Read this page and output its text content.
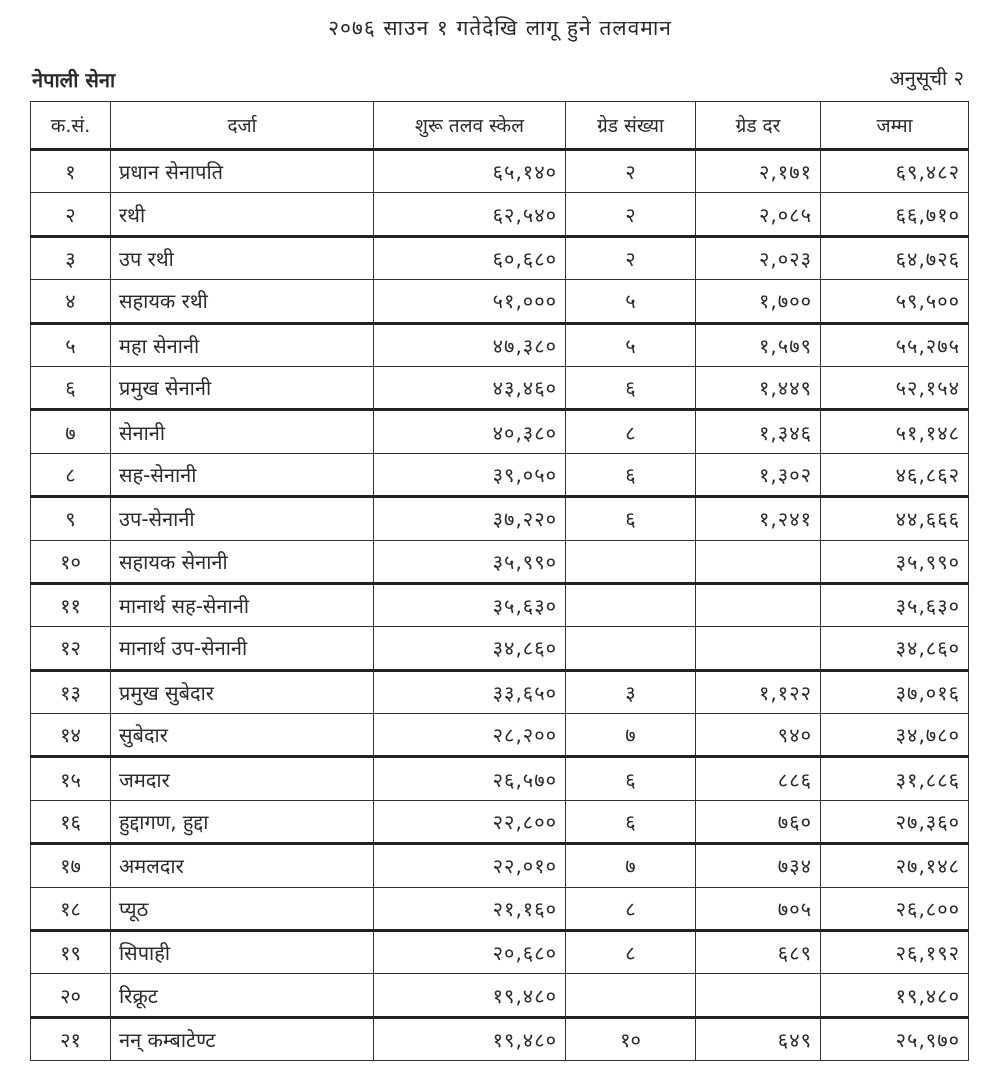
२०७६ साउन १ गतेदेखि लागू हुने तलवमान
नेपाली सेना	अनुसूची २
क.सं.	दर्जा	शुरू तलव स्केल	ग्रेड संख्या	ग्रेड दर	जम्मा
१	प्रधान सेनापति	६५,१४०	२	२,१७१	६९,४८२
२	रथी	६२,५४०	२	२,०८५	६६,७१०
३	उप रथी	६०,६८०	२	२,०२३	६४,७२६
४	सहायक रथी	५१,०००	५	१,७००	५९,५००
५	महा सेनानी	४७,३८०	५	१,५७९	५५,२७५
६	प्रमुख सेनानी	४३,४६०	६	१,४४९	५२,१५४
७	सेनानी	४०,३८०	८	१,३४६	५१,१४८
८	सह-सेनानी	३९,०५०	६	१,३०२	४६,८६२
९	उप-सेनानी	३७,२२०	६	१,२४१	४४,६६६
१०	सहायक सेनानी	३५,९९०			३५,९९०
११	मानार्थ सह-सेनानी	३५,६३०			३५,६३०
१२	मानार्थ उप-सेनानी	३४,८६०			३४,८६०
१३	प्रमुख सुबेदार	३३,६५०	३	१,१२२	३७,०१६
१४	सुबेदार	२८,२००	७	९४०	३४,७८०
१५	जमदार	२६,५७०	६	८८६	३१,८८६
१६	हुद्दागण, हुद्दा	२२,८००	६	७६०	२७,३६०
१७	अमलदार	२२,०१०	७	७३४	२७,१४८
१८	प्यूठ	२१,१६०	८	७०५	२६,८००
१९	सिपाही	२०,६८०	८	६८९	२६,१९२
२०	रिक्रूट	१९,४८०			१९,४८०
२१	नन् कम्बाटेण्ट	१९,४८०	१०	६४९	२५,९७०
